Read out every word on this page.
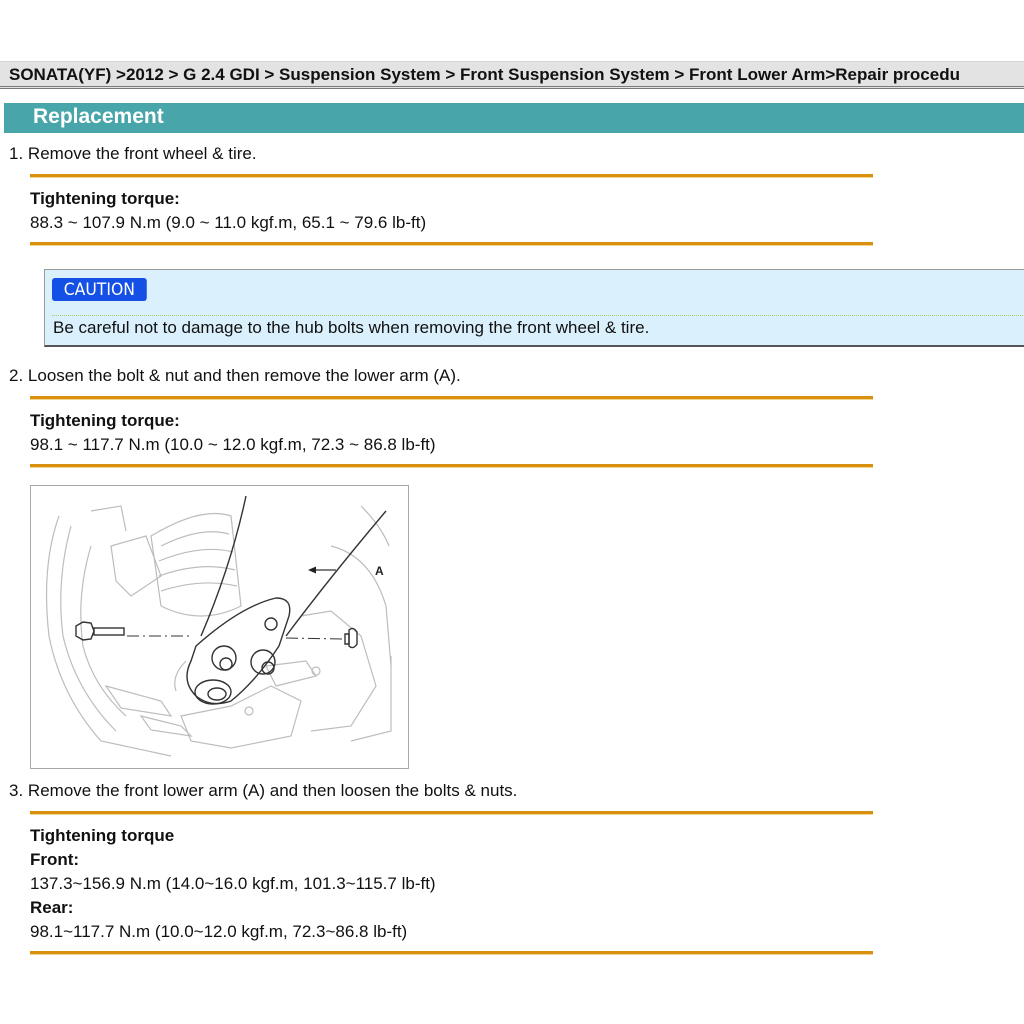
SONATA(YF) >2012 > G 2.4 GDI > Suspension System > Front Suspension System > Front Lower Arm>Repair procedu
Replacement
1. Remove the front wheel & tire.
Tightening torque:
88.3 ~ 107.9 N.m (9.0 ~ 11.0 kgf.m, 65.1 ~ 79.6 lb-ft)
CAUTION
Be careful not to damage to the hub bolts when removing the front wheel & tire.
2. Loosen the bolt & nut and then remove the lower arm (A).
Tightening torque:
98.1 ~ 117.7 N.m (10.0 ~ 12.0 kgf.m, 72.3 ~ 86.8 lb-ft)
A
3. Remove the front lower arm (A) and then loosen the bolts & nuts.
Tightening torque
Front:
137.3~156.9 N.m (14.0~16.0 kgf.m, 101.3~115.7 lb-ft)
Rear:
98.1~117.7 N.m (10.0~12.0 kgf.m, 72.3~86.8 lb-ft)
